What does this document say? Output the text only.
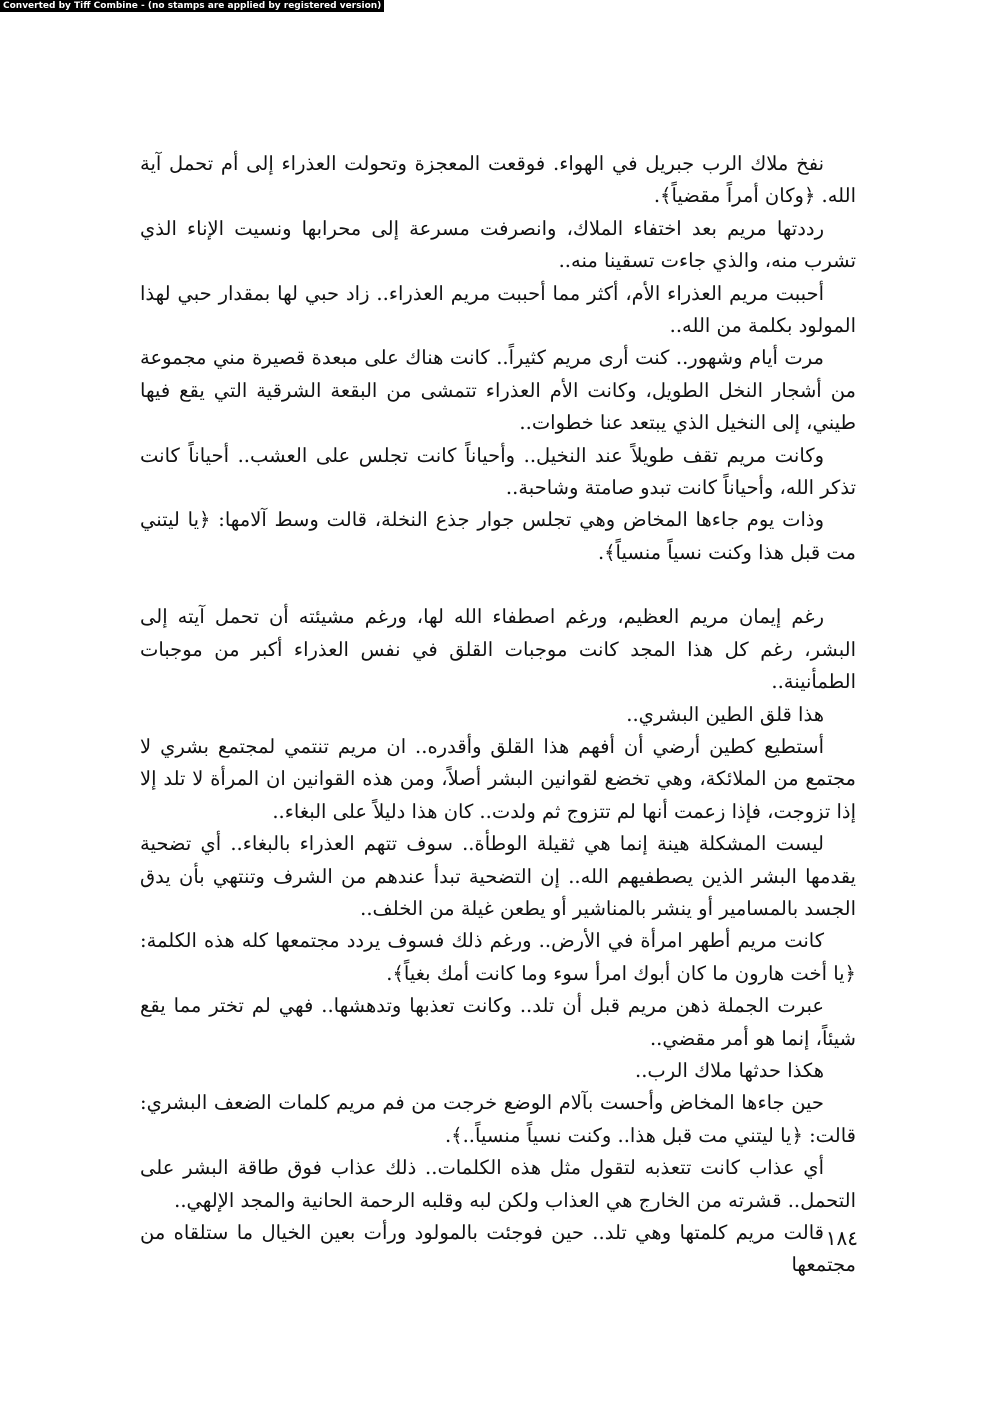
Converted by Tiff Combine - (no stamps are applied by registered version)

نفخ ملاك الرب جبريل في الهواء. فوقعت المعجزة وتحولت العذراء إلى أم تحمل آية الله. ﴿وكان أمراً مقضياً﴾.

رددتها مريم بعد اختفاء الملاك، وانصرفت مسرعة إلى محرابها ونسيت الإناء الذي تشرب منه، والذي جاءت تسقينا منه..

أحببت مريم العذراء الأم، أكثر مما أحببت مريم العذراء.. زاد حبي لها بمقدار حبي لهذا المولود بكلمة من الله..

مرت أيام وشهور.. كنت أرى مريم كثيراً.. كانت هناك على مبعدة قصيرة مني مجموعة من أشجار النخل الطويل، وكانت الأم العذراء تتمشى من البقعة الشرقية التي يقع فيها طيني، إلى النخيل الذي يبتعد عنا خطوات..

وكانت مريم تقف طويلاً عند النخيل.. وأحياناً كانت تجلس على العشب.. أحياناً كانت تذكر الله، وأحياناً كانت تبدو صامتة وشاحبة..

وذات يوم جاءها المخاض وهي تجلس جوار جذع النخلة، قالت وسط آلامها: ﴿يا ليتني مت قبل هذا وكنت نسياً منسياً﴾.

رغم إيمان مريم العظيم، ورغم اصطفاء الله لها، ورغم مشيئته أن تحمل آيته إلى البشر، رغم كل هذا المجد كانت موجبات القلق في نفس العذراء أكبر من موجبات الطمأنينة..

هذا قلق الطين البشري..

أستطيع كطين أرضي أن أفهم هذا القلق وأقدره.. ان مريم تنتمي لمجتمع بشري لا مجتمع من الملائكة، وهي تخضع لقوانين البشر أصلاً، ومن هذه القوانين ان المرأة لا تلد إلا إذا تزوجت، فإذا زعمت أنها لم تتزوج ثم ولدت.. كان هذا دليلاً على البغاء..

ليست المشكلة هينة إنما هي ثقيلة الوطأة.. سوف تتهم العذراء بالبغاء.. أي تضحية يقدمها البشر الذين يصطفيهم الله.. إن التضحية تبدأ عندهم من الشرف وتنتهي بأن يدق الجسد بالمسامير أو ينشر بالمناشير أو يطعن غيلة من الخلف..

كانت مريم أطهر امرأة في الأرض.. ورغم ذلك فسوف يردد مجتمعها كله هذه الكلمة: ﴿يا أخت هارون ما كان أبوك امرأ سوء وما كانت أمك بغياً﴾.

عبرت الجملة ذهن مريم قبل أن تلد.. وكانت تعذبها وتدهشها.. فهي لم تختر مما يقع شيئاً، إنما هو أمر مقضي..

هكذا حدثها ملاك الرب..

حين جاءها المخاض وأحست بآلام الوضع خرجت من فم مريم كلمات الضعف البشري: قالت: ﴿يا ليتني مت قبل هذا.. وكنت نسياً منسياً..﴾.

أي عذاب كانت تتعذبه لتقول مثل هذه الكلمات.. ذلك عذاب فوق طاقة البشر على التحمل.. قشرته من الخارج هي العذاب ولكن لبه وقلبه الرحمة الحانية والمجد الإلهي..

قالت مريم كلمتها وهي تلد.. حين فوجئت بالمولود ورأت بعين الخيال ما ستلقاه من مجتمعها

١٨٤
